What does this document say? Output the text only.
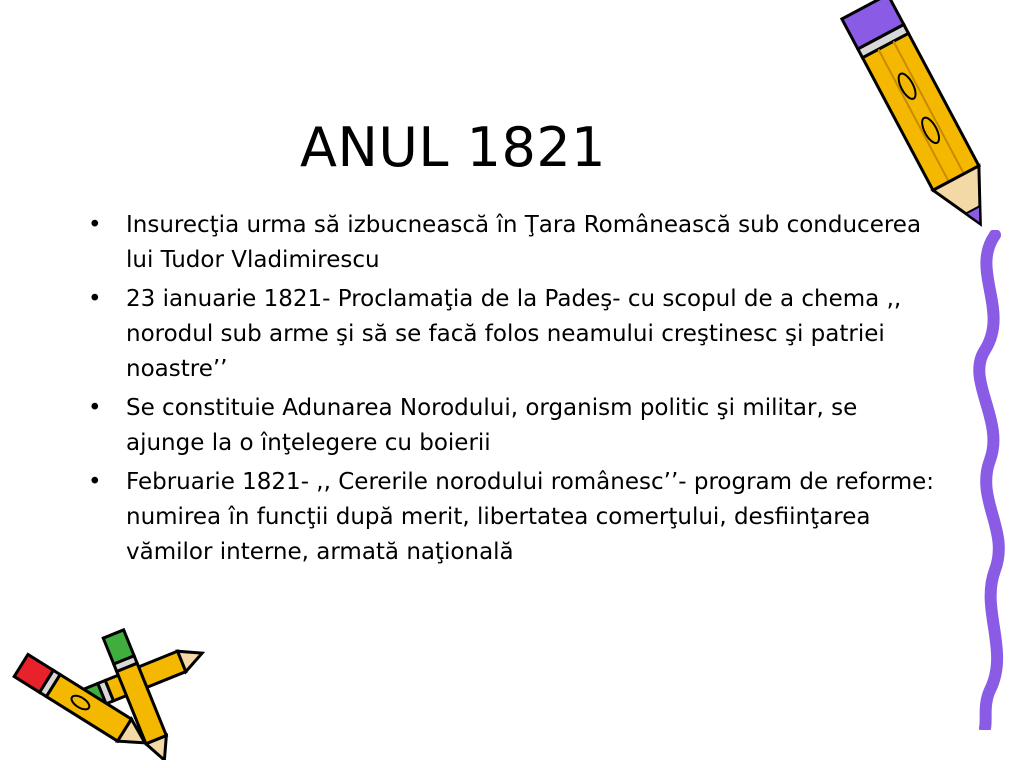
ANUL 1821
• Insurecţia urma să izbucnească în Ţara Românească sub conducerea lui Tudor Vladimirescu
• 23 ianuarie 1821- Proclamaţia de la Padeş- cu scopul de a chema ,, norodul sub arme şi să se facă folos neamului creştinesc şi patriei noastre’’
• Se constituie Adunarea Norodului, organism politic şi militar, se ajunge la o înţelegere cu boierii
• Februarie 1821- ,, Cererile norodului românesc’’- program de reforme: numirea în funcţii după merit, libertatea comerţului, desfiinţarea vămilor interne, armată naţională
